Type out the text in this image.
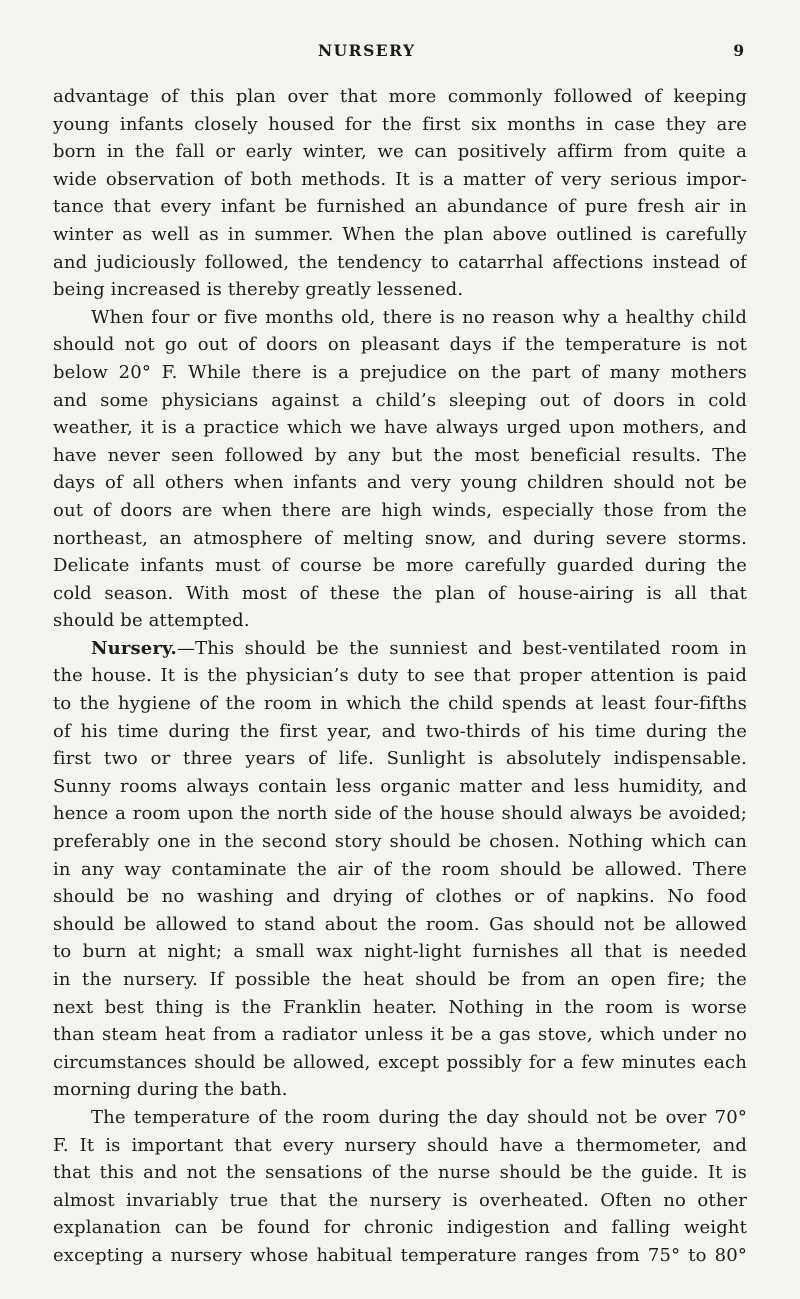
NURSERY	9
advantage of this plan over that more commonly followed of keeping
young infants closely housed for the first six months in case they are
born in the fall or early winter, we can positively affirm from quite a
wide observation of both methods. It is a matter of very serious impor-
tance that every infant be furnished an abundance of pure fresh air in
winter as well as in summer. When the plan above outlined is carefully
and judiciously followed, the tendency to catarrhal affections instead of
being increased is thereby greatly lessened.
When four or five months old, there is no reason why a healthy child
should not go out of doors on pleasant days if the temperature is not
below 20° F. While there is a prejudice on the part of many mothers
and some physicians against a child’s sleeping out of doors in cold
weather, it is a practice which we have always urged upon mothers, and
have never seen followed by any but the most beneficial results. The
days of all others when infants and very young children should not be
out of doors are when there are high winds, especially those from the
northeast, an atmosphere of melting snow, and during severe storms.
Delicate infants must of course be more carefully guarded during the
cold season. With most of these the plan of house-airing is all that
should be attempted.
Nursery.—This should be the sunniest and best-ventilated room in
the house. It is the physician’s duty to see that proper attention is paid
to the hygiene of the room in which the child spends at least four-fifths
of his time during the first year, and two-thirds of his time during the
first two or three years of life. Sunlight is absolutely indispensable.
Sunny rooms always contain less organic matter and less humidity, and
hence a room upon the north side of the house should always be avoided;
preferably one in the second story should be chosen. Nothing which can
in any way contaminate the air of the room should be allowed. There
should be no washing and drying of clothes or of napkins. No food
should be allowed to stand about the room. Gas should not be allowed
to burn at night; a small wax night-light furnishes all that is needed
in the nursery. If possible the heat should be from an open fire; the
next best thing is the Franklin heater. Nothing in the room is worse
than steam heat from a radiator unless it be a gas stove, which under no
circumstances should be allowed, except possibly for a few minutes each
morning during the bath.
The temperature of the room during the day should not be over 70°
F. It is important that every nursery should have a thermometer, and
that this and not the sensations of the nurse should be the guide. It is
almost invariably true that the nursery is overheated. Often no other
explanation can be found for chronic indigestion and falling weight
excepting a nursery whose habitual temperature ranges from 75° to 80°
